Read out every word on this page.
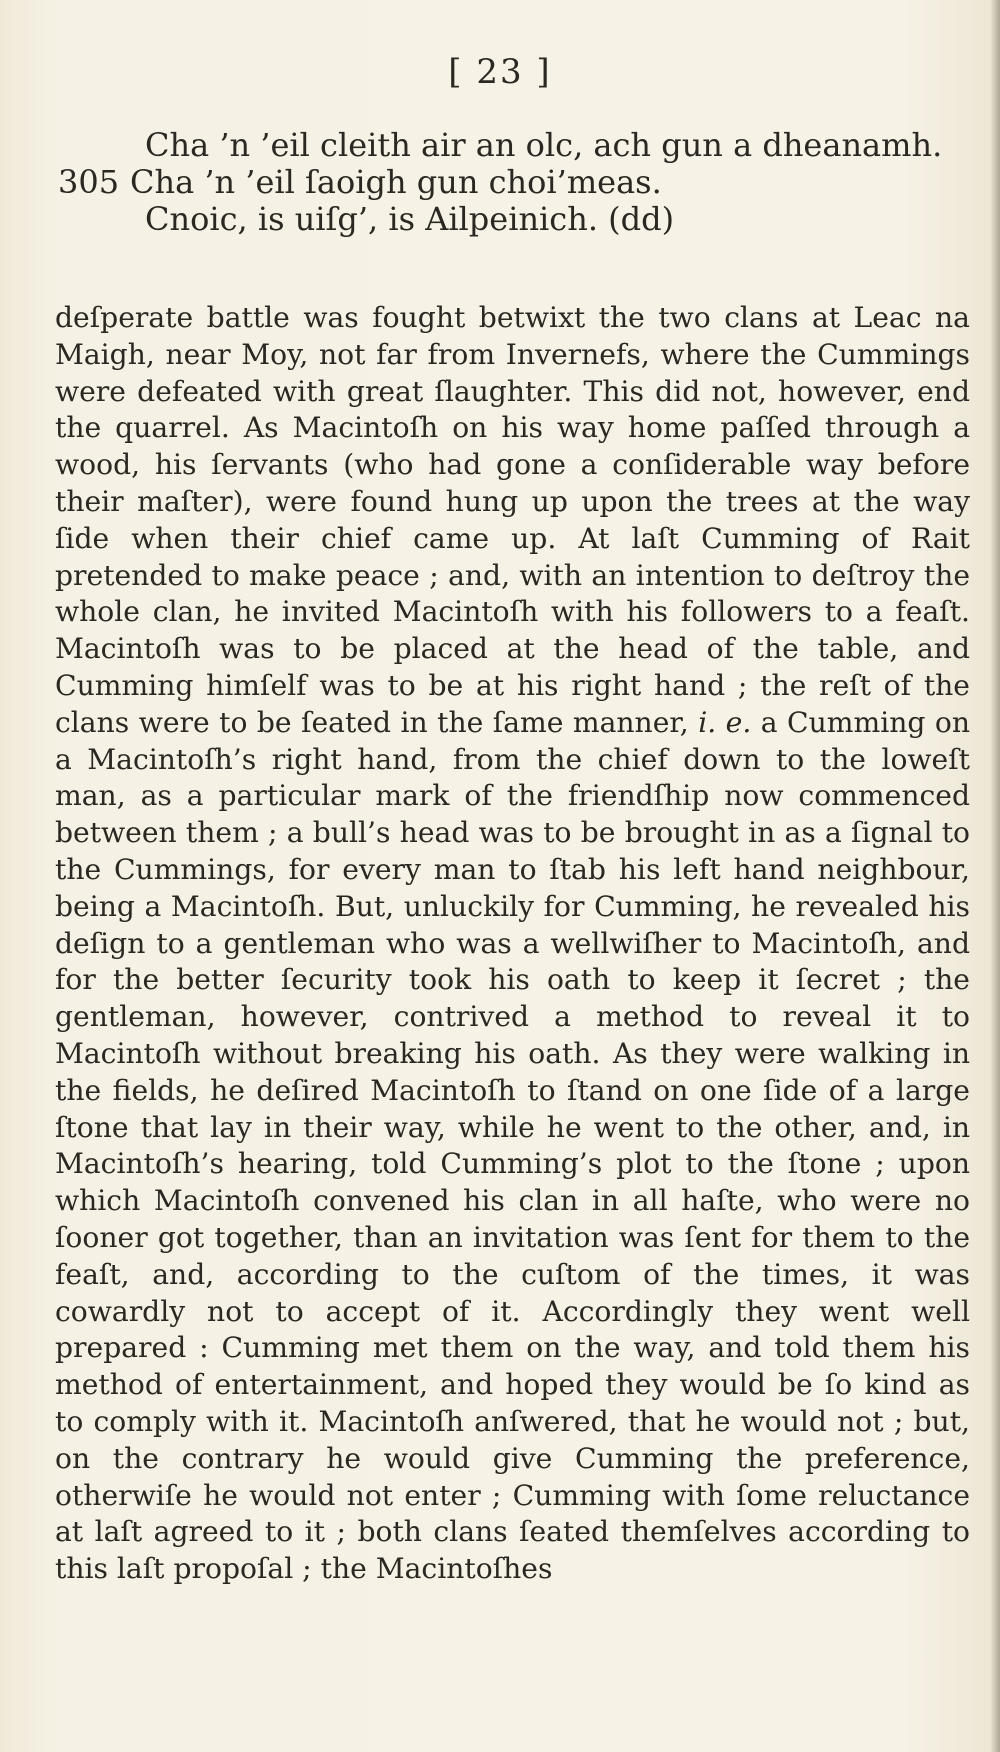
[ 23 ]
Cha ’n ’eil cleith air an olc, ach gun a dheanamh.
305 Cha ’n ’eil ſaoigh gun choi’meas.
Cnoic, is uiſg’, is Ailpeinich. (dd)

deſperate battle was fought betwixt the two clans at Leac na Maigh, near Moy, not far from Invernefs, where the Cummings were defeated with great ſlaughter. This did not, however, end the quarrel. As Macintoſh on his way home paſſed through a wood, his ſervants (who had gone a conſiderable way before their maſter), were found hung up upon the trees at the way ſide when their chief came up. At laſt Cumming of Rait pretended to make peace ; and, with an intention to deſtroy the whole clan, he invited Macintoſh with his followers to a feaſt. Macintoſh was to be placed at the head of the table, and Cumming himſelf was to be at his right hand ; the reſt of the clans were to be ſeated in the ſame manner, i. e. a Cumming on a Macintoſh’s right hand, from the chief down to the loweſt man, as a particular mark of the friendſhip now commenced between them ; a bull’s head was to be brought in as a ſignal to the Cummings, for every man to ſtab his left hand neighbour, being a Macintoſh. But, unluckily for Cumming, he revealed his deſign to a gentleman who was a wellwiſher to Macintoſh, and for the better ſecurity took his oath to keep it ſecret ; the gentleman, however, contrived a method to reveal it to Macintoſh without breaking his oath. As they were walking in the fields, he deſired Macintoſh to ſtand on one ſide of a large ſtone that lay in their way, while he went to the other, and, in Macintoſh’s hearing, told Cumming’s plot to the ſtone ; upon which Macintoſh convened his clan in all haſte, who were no ſooner got together, than an invitation was ſent for them to the feaſt, and, according to the cuſtom of the times, it was cowardly not to accept of it. Accordingly they went well prepared : Cumming met them on the way, and told them his method of entertainment, and hoped they would be ſo kind as to comply with it. Macintoſh anſwered, that he would not ; but, on the contrary he would give Cumming the preference, otherwiſe he would not enter ; Cumming with ſome reluctance at laſt agreed to it ; both clans ſeated themſelves according to this laſt propoſal ; the Macintoſhes
